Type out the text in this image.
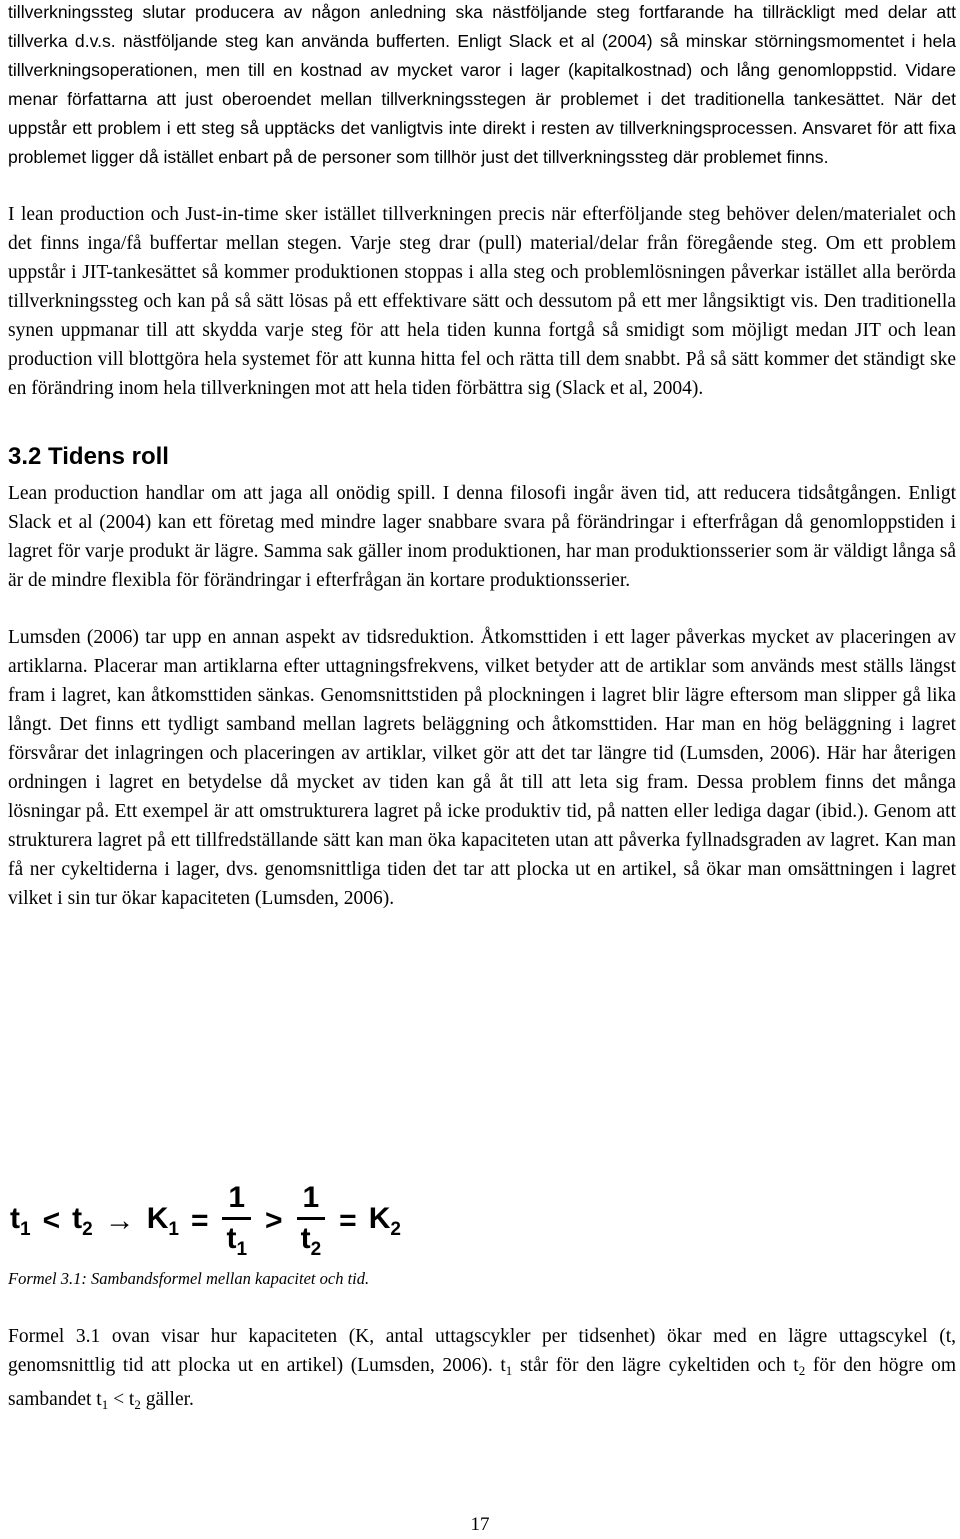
tillverkningssteg slutar producera av någon anledning ska nästföljande steg fortfarande ha tillräckligt med delar att tillverka d.v.s. nästföljande steg kan använda bufferten. Enligt Slack et al (2004) så minskar störningsmomentet i hela tillverkningsoperationen, men till en kostnad av mycket varor i lager (kapitalkostnad) och lång genomloppstid. Vidare menar författarna att just oberoendet mellan tillverkningsstegen är problemet i det traditionella tankesättet. När det uppstår ett problem i ett steg så upptäcks det vanligtvis inte direkt i resten av tillverkningsprocessen. Ansvaret för att fixa problemet ligger då istället enbart på de personer som tillhör just det tillverkningssteg där problemet finns.

I lean production och Just-in-time sker istället tillverkningen precis när efterföljande steg behöver delen/materialet och det finns inga/få buffertar mellan stegen. Varje steg drar (pull) material/delar från föregående steg. Om ett problem uppstår i JIT-tankesättet så kommer produktionen stoppas i alla steg och problemlösningen påverkar istället alla berörda tillverkningssteg och kan på så sätt lösas på ett effektivare sätt och dessutom på ett mer långsiktigt vis. Den traditionella synen uppmanar till att skydda varje steg för att hela tiden kunna fortgå så smidigt som möjligt medan JIT och lean production vill blottgöra hela systemet för att kunna hitta fel och rätta till dem snabbt. På så sätt kommer det ständigt ske en förändring inom hela tillverkningen mot att hela tiden förbättra sig (Slack et al, 2004).

3.2 Tidens roll

Lean production handlar om att jaga all onödig spill. I denna filosofi ingår även tid, att reducera tidsåtgången. Enligt Slack et al (2004) kan ett företag med mindre lager snabbare svara på förändringar i efterfrågan då genomloppstiden i lagret för varje produkt är lägre. Samma sak gäller inom produktionen, har man produktionsserier som är väldigt långa så är de mindre flexibla för förändringar i efterfrågan än kortare produktionsserier.

Lumsden (2006) tar upp en annan aspekt av tidsreduktion. Åtkomsttiden i ett lager påverkas mycket av placeringen av artiklarna. Placerar man artiklarna efter uttagningsfrekvens, vilket betyder att de artiklar som används mest ställs längst fram i lagret, kan åtkomsttiden sänkas. Genomsnittstiden på plockningen i lagret blir lägre eftersom man slipper gå lika långt. Det finns ett tydligt samband mellan lagrets beläggning och åtkomsttiden. Har man en hög beläggning i lagret försvårar det inlagringen och placeringen av artiklar, vilket gör att det tar längre tid (Lumsden, 2006). Här har återigen ordningen i lagret en betydelse då mycket av tiden kan gå åt till att leta sig fram. Dessa problem finns det många lösningar på. Ett exempel är att omstrukturera lagret på icke produktiv tid, på natten eller lediga dagar (ibid.). Genom att strukturera lagret på ett tillfredställande sätt kan man öka kapaciteten utan att påverka fyllnadsgraden av lagret. Kan man få ner cykeltiderna i lager, dvs. genomsnittliga tiden det tar att plocka ut en artikel, så ökar man omsättningen i lagret vilket i sin tur ökar kapaciteten (Lumsden, 2006).

$t_1 < t_2 \to K_1 = \frac{1}{t_1} > \frac{1}{t_2} = K_2$
Formel 3.1: Sambandsformel mellan kapacitet och tid.

Formel 3.1 ovan visar hur kapaciteten (K, antal uttagscykler per tidsenhet) ökar med en lägre uttagscykel (t, genomsnittlig tid att plocka ut en artikel) (Lumsden, 2006). $t_1$ står för den lägre cykeltiden och $t_2$ för den högre om sambandet $t_1 < t_2$ gäller.

17
